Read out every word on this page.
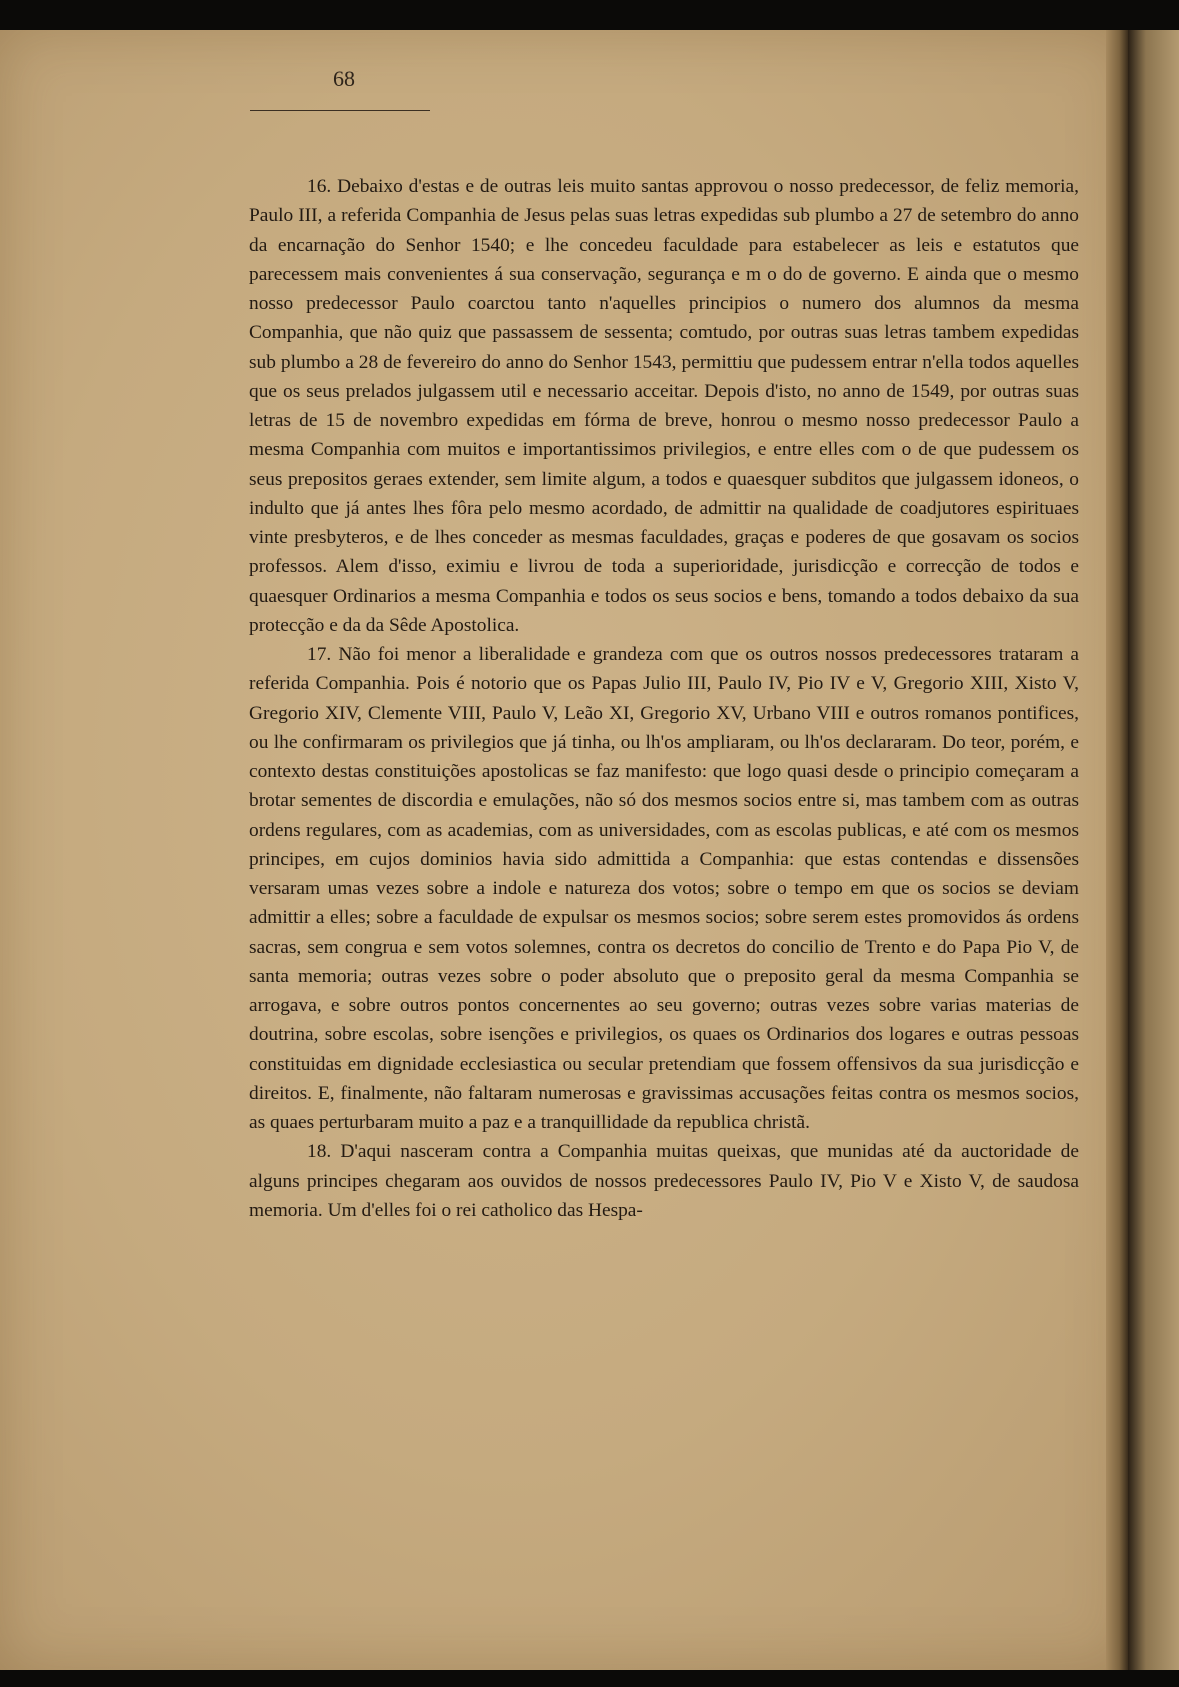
68

16. Debaixo d'estas e de outras leis muito santas approvou o nosso predecessor, de feliz memoria, Paulo III, a referida Companhia de Jesus pelas suas letras expedidas sub plumbo a 27 de setembro do anno da encarnação do Senhor 1540; e lhe concedeu faculdade para estabelecer as leis e estatutos que parecessem mais convenientes á sua conservação, segurança e m o do de governo. E ainda que o mesmo nosso predecessor Paulo coarctou tanto n'aquelles principios o numero dos alumnos da mesma Companhia, que não quiz que passassem de sessenta; comtudo, por outras suas letras tambem expedidas sub plumbo a 28 de fevereiro do anno do Senhor 1543, permittiu que pudessem entrar n'ella todos aquelles que os seus prelados julgassem util e necessario acceitar. Depois d'isto, no anno de 1549, por outras suas letras de 15 de novembro expedidas em fórma de breve, honrou o mesmo nosso predecessor Paulo a mesma Companhia com muitos e importantissimos privilegios, e entre elles com o de que pudessem os seus prepositos geraes extender, sem limite algum, a todos e quaesquer subditos que julgassem idoneos, o indulto que já antes lhes fôra pelo mesmo acordado, de admittir na qualidade de coadjutores espirituaes vinte presbyteros, e de lhes conceder as mesmas faculdades, graças e poderes de que gosavam os socios professos. Alem d'isso, eximiu e livrou de toda a superioridade, jurisdicção e correcção de todos e quaesquer Ordinarios a mesma Companhia e todos os seus socios e bens, tomando a todos debaixo da sua protecção e da da Sêde Apostolica.

17. Não foi menor a liberalidade e grandeza com que os outros nossos predecessores trataram a referida Companhia. Pois é notorio que os Papas Julio III, Paulo IV, Pio IV e V, Gregorio XIII, Xisto V, Gregorio XIV, Clemente VIII, Paulo V, Leão XI, Gregorio XV, Urbano VIII e outros romanos pontifices, ou lhe confirmaram os privilegios que já tinha, ou lh'os ampliaram, ou lh'os declararam. Do teor, porém, e contexto destas constituições apostolicas se faz manifesto: que logo quasi desde o principio começaram a brotar sementes de discordia e emulações, não só dos mesmos socios entre si, mas tambem com as outras ordens regulares, com as academias, com as universidades, com as escolas publicas, e até com os mesmos principes, em cujos dominios havia sido admittida a Companhia: que estas contendas e dissensões versaram umas vezes sobre a indole e natureza dos votos; sobre o tempo em que os socios se deviam admittir a elles; sobre a faculdade de expulsar os mesmos socios; sobre serem estes promovidos ás ordens sacras, sem congrua e sem votos solemnes, contra os decretos do concilio de Trento e do Papa Pio V, de santa memoria; outras vezes sobre o poder absoluto que o preposito geral da mesma Companhia se arrogava, e sobre outros pontos concernentes ao seu governo; outras vezes sobre varias materias de doutrina, sobre escolas, sobre isenções e privilegios, os quaes os Ordinarios dos logares e outras pessoas constituidas em dignidade ecclesiastica ou secular pretendiam que fossem offensivos da sua jurisdicção e direitos. E, finalmente, não faltaram numerosas e gravissimas accusações feitas contra os mesmos socios, as quaes perturbaram muito a paz e a tranquillidade da republica christã.

18. D'aqui nasceram contra a Companhia muitas queixas, que munidas até da auctoridade de alguns principes chegaram aos ouvidos de nossos predecessores Paulo IV, Pio V e Xisto V, de saudosa memoria. Um d'elles foi o rei catholico das Hespa-
